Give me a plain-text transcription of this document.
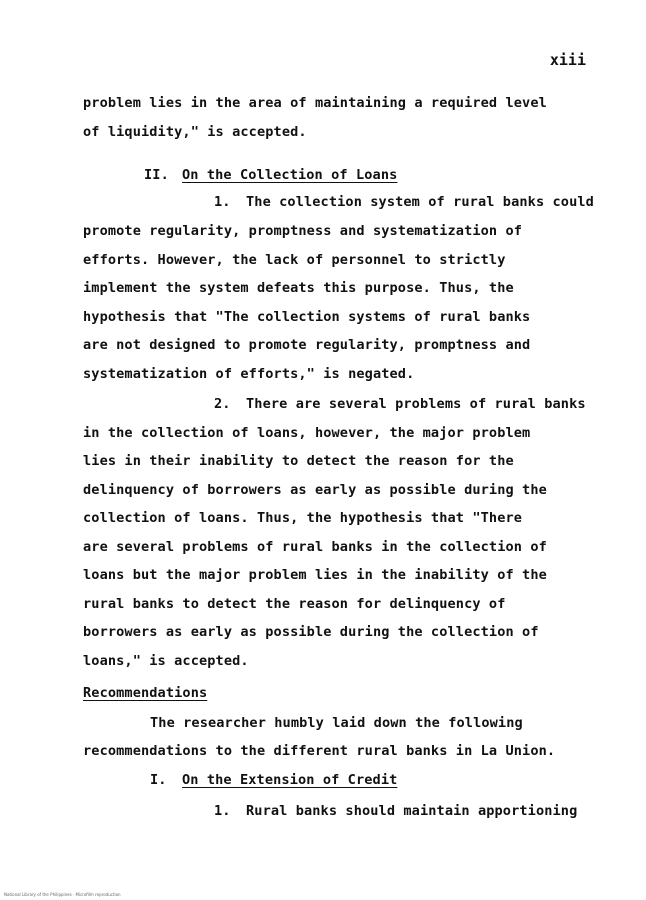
xiii
problem lies in the area of maintaining a required level
of liquidity," is accepted.
II. On the Collection of Loans
1. The collection system of rural banks could
promote regularity, promptness and systematization of
efforts. However, the lack of personnel to strictly
implement the system defeats this purpose. Thus, the
hypothesis that "The collection systems of rural banks
are not designed to promote regularity, promptness and
systematization of efforts," is negated.
2. There are several problems of rural banks
in the collection of loans, however, the major problem
lies in their inability to detect the reason for the
delinquency of borrowers as early as possible during the
collection of loans. Thus, the hypothesis that "There
are several problems of rural banks in the collection of
loans but the major problem lies in the inability of the
rural banks to detect the reason for delinquency of
borrowers as early as possible during the collection of
loans," is accepted.
Recommendations
The researcher humbly laid down the following
recommendations to the different rural banks in La Union.
I. On the Extension of Credit
1. Rural banks should maintain apportioning
National Library of the Philippines · Microfilm reproduction
